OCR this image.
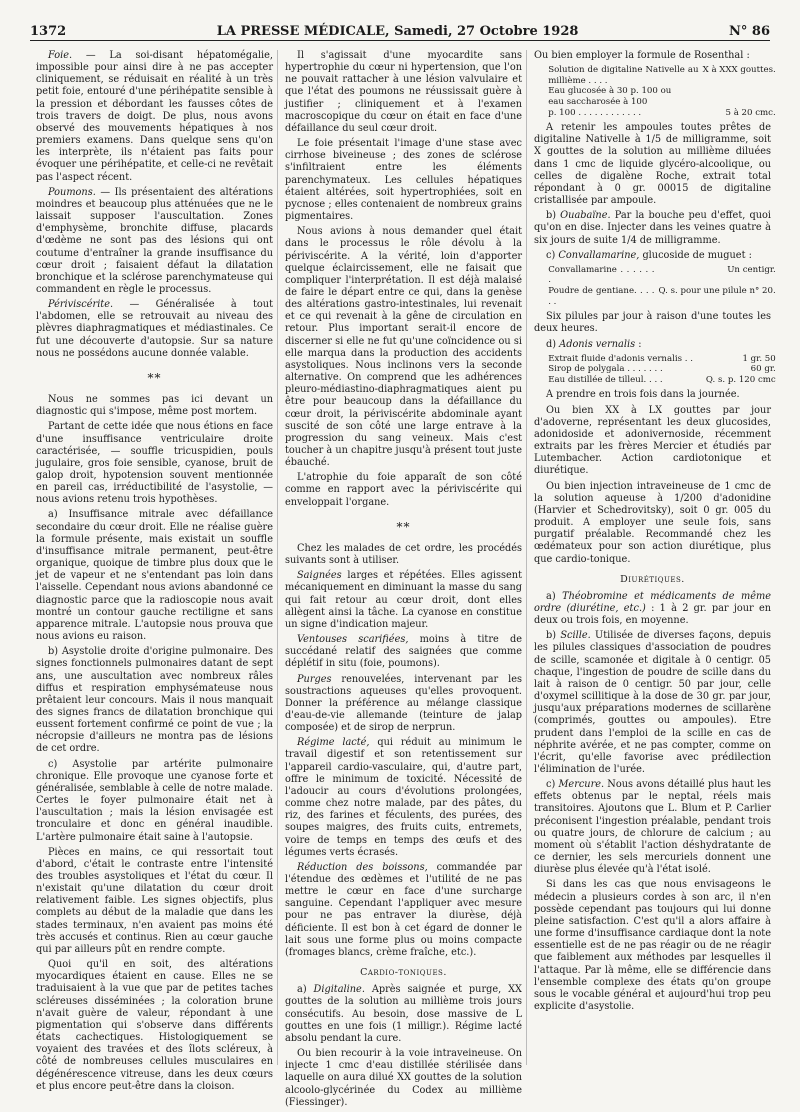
1372	LA PRESSE MÉDICALE, Samedi, 27 Octobre 1928	N° 86

Foie. — La soi-disant hépatomégalie, impossible pour ainsi dire à ne pas accepter cliniquement, se réduisait en réalité à un très petit foie, entouré d'une périhépatite sensible à la pression et débordant les fausses côtes de trois travers de doigt. De plus, nous avons observé des mouvements hépatiques à nos premiers examens. Dans quelque sens qu'on les interprète, ils n'étaient pas faits pour évoquer une périhépatite, et celle-ci ne revêtait pas l'aspect récent.

Poumons. — Ils présentaient des altérations moindres et beaucoup plus atténuées que ne le laissait supposer l'auscultation. Zones d'emphysème, bronchite diffuse, placards d'œdème ne sont pas des lésions qui ont coutume d'entraîner la grande insuffisance du cœur droit ; faisaient défaut la dilatation bronchique et la sclérose parenchymateuse qui commandent en règle le processus.

Périviscérite. — Généralisée à tout l'abdomen, elle se retrouvait au niveau des plèvres diaphragmatiques et médiastinales. Ce fut une découverte d'autopsie. Sur sa nature nous ne possédons aucune donnée valable.

**

Nous ne sommes pas ici devant un diagnostic qui s'impose, même post mortem.

Partant de cette idée que nous étions en face d'une insuffisance ventriculaire droite caractérisée, — souffle tricuspidien, pouls jugulaire, gros foie sensible, cyanose, bruit de galop droit, hypotension souvent mentionnée en pareil cas, irréductibilité de l'asystolie, — nous avions retenu trois hypothèses.

a) Insuffisance mitrale avec défaillance secondaire du cœur droit. Elle ne réalise guère la formule présente, mais existait un souffle d'insuffisance mitrale permanent, peut-être organique, quoique de timbre plus doux que le jet de vapeur et ne s'entendant pas loin dans l'aisselle. Cependant nous avions abandonné ce diagnostic parce que la radioscopie nous avait montré un contour gauche rectiligne et sans apparence mitrale. L'autopsie nous prouva que nous avions eu raison.

b) Asystolie droite d'origine pulmonaire. Des signes fonctionnels pulmonaires datant de sept ans, une auscultation avec nombreux râles diffus et respiration emphysémateuse nous prêtaient leur concours. Mais il nous manquait des signes francs de dilatation bronchique qui eussent fortement confirmé ce point de vue ; la nécropsie d'ailleurs ne montra pas de lésions de cet ordre.

c) Asystolie par artérite pulmonaire chronique. Elle provoque une cyanose forte et généralisée, semblable à celle de notre malade. Certes le foyer pulmonaire était net à l'auscultation ; mais la lésion envisagée est tronculaire et donc en général inaudible. L'artère pulmonaire était saine à l'autopsie.

Pièces en mains, ce qui ressortait tout d'abord, c'était le contraste entre l'intensité des troubles asystoliques et l'état du cœur. Il n'existait qu'une dilatation du cœur droit relativement faible. Les signes objectifs, plus complets au début de la maladie que dans les stades terminaux, n'en avaient pas moins été très accusés et continus. Rien au cœur gauche qui par ailleurs pût en rendre compte.

Quoi qu'il en soit, des altérations myocardiques étaient en cause. Elles ne se traduisaient à la vue que par de petites taches scléreuses disséminées ; la coloration brune n'avait guère de valeur, répondant à une pigmentation qui s'observe dans différents états cachectiques. Histologiquement se voyaient des travées et des îlots scléreux, à côté de nombreuses cellules musculaires en dégénérescence vitreuse, dans les deux cœurs et plus encore peut-être dans la cloison.

Il s'agissait d'une myocardite sans hypertrophie du cœur ni hypertension, que l'on ne pouvait rattacher à une lésion valvulaire et que l'état des poumons ne réussissait guère à justifier ; cliniquement et à l'examen macroscopique du cœur on était en face d'une défaillance du seul cœur droit.

Le foie présentait l'image d'une stase avec cirrhose biveineuse ; des zones de sclérose s'infiltraient entre les éléments parenchymateux. Les cellules hépatiques étaient altérées, soit hypertrophiées, soit en pycnose ; elles contenaient de nombreux grains pigmentaires.

Nous avions à nous demander quel était dans le processus le rôle dévolu à la périviscérite. A la vérité, loin d'apporter quelque éclaircissement, elle ne faisait que compliquer l'interprétation. Il est déjà malaisé de faire le départ entre ce qui, dans la genèse des altérations gastro-intestinales, lui revenait et ce qui revenait à la gêne de circulation en retour. Plus important serait-il encore de discerner si elle ne fut qu'une coïncidence ou si elle marqua dans la production des accidents asystoliques. Nous inclinons vers la seconde alternative. On comprend que les adhérences pleuro-médiastino-diaphragmatiques aient pu être pour beaucoup dans la défaillance du cœur droit, la périviscérite abdominale ayant suscité de son côté une large entrave à la progression du sang veineux. Mais c'est toucher à un chapitre jusqu'à présent tout juste ébauché.

L'atrophie du foie apparaît de son côté comme en rapport avec la périviscérite qui enveloppait l'organe.

**

Chez les malades de cet ordre, les procédés suivants sont à utiliser.

Saignées larges et répétées. Elles agissent mécaniquement en diminuant la masse du sang qui fait retour au cœur droit, dont elles allègent ainsi la tâche. La cyanose en constitue un signe d'indication majeur.

Ventouses scarifiées, moins à titre de succédané relatif des saignées que comme déplétif in situ (foie, poumons).

Purges renouvelées, intervenant par les soustractions aqueuses qu'elles provoquent. Donner la préférence au mélange classique d'eau-de-vie allemande (teinture de jalap composée) et de sirop de nerprun.

Régime lacté, qui réduit au minimum le travail digestif et son retentissement sur l'appareil cardio-vasculaire, qui, d'autre part, offre le minimum de toxicité. Nécessité de l'adoucir au cours d'évolutions prolongées, comme chez notre malade, par des pâtes, du riz, des farines et féculents, des purées, des soupes maigres, des fruits cuits, entremets, voire de temps en temps des œufs et des légumes verts écrasés.

Réduction des boissons, commandée par l'étendue des œdèmes et l'utilité de ne pas mettre le cœur en face d'une surcharge sanguine. Cependant l'appliquer avec mesure pour ne pas entraver la diurèse, déjà déficiente. Il est bon à cet égard de donner le lait sous une forme plus ou moins compacte (fromages blancs, crème fraîche, etc.).

Cardio-toniques.

a) Digitaline. Après saignée et purge, XX gouttes de la solution au millième trois jours consécutifs. Au besoin, dose massive de L gouttes en une fois (1 milligr.). Régime lacté absolu pendant la cure.

Ou bien recourir à la voie intraveineuse. On injecte 1 cmc d'eau distillée stérilisée dans laquelle on aura dilué XX gouttes de la solution alcoolo-glycérinée du Codex au millième (Fiessinger).

Ou bien employer la formule de Rosenthal :

Solution de digitaline Nativelle au millième . . . .	X à XXX gouttes.
Eau glucosée à 30 p. 100 ou	
eau saccharosée à 100	
p. 100 . . . . . . . . . . . .	5 à 20 cmc.

A retenir les ampoules toutes prêtes de digitaline Nativelle à 1/5 de milligramme, soit X gouttes de la solution au millième diluées dans 1 cmc de liquide glycéro-alcoolique, ou celles de digalène Roche, extrait total répondant à 0 gr. 00015 de digitaline cristallisée par ampoule.

b) Ouabaïne. Par la bouche peu d'effet, quoi qu'on en dise. Injecter dans les veines quatre à six jours de suite 1/4 de milligramme.

c) Convallamarine, glucoside de muguet :

Convallamarine . . . . . . .	Un centigr.
Poudre de gentiane. . . . . .	Q. s. pour une pilule n° 20.

Six pilules par jour à raison d'une toutes les deux heures.

d) Adonis vernalis :

Extrait fluide d'adonis vernalis . .	1 gr. 50
Sirop de polygala . . . . . . .	60 gr.
Eau distillée de tilleul. . . .	Q. s. p. 120 cmc

A prendre en trois fois dans la journée.

Ou bien XX à LX gouttes par jour d'adoverne, représentant les deux glucosides, adonidoside et adonivernoside, récemment extraits par les frères Mercier et étudiés par Lutembacher. Action cardiotonique et diurétique.

Ou bien injection intraveineuse de 1 cmc de la solution aqueuse à 1/200 d'adonidine (Harvier et Schedrovitsky), soit 0 gr. 005 du produit. A employer une seule fois, sans purgatif préalable. Recommandé chez les œdémateux pour son action diurétique, plus que cardio-tonique.

Diurétiques.

a) Théobromine et médicaments de même ordre (diurétine, etc.) : 1 à 2 gr. par jour en deux ou trois fois, en moyenne.

b) Scille. Utilisée de diverses façons, depuis les pilules classiques d'association de poudres de scille, scamonée et digitale à 0 centigr. 05 chaque, l'ingestion de poudre de scille dans du lait à raison de 0 centigr. 50 par jour, celle d'oxymel scillitique à la dose de 30 gr. par jour, jusqu'aux préparations modernes de scillarène (comprimés, gouttes ou ampoules). Etre prudent dans l'emploi de la scille en cas de néphrite avérée, et ne pas compter, comme on l'écrit, qu'elle favorise avec prédilection l'élimination de l'urée.

c) Mercure. Nous avons détaillé plus haut les effets obtenus par le neptal, réels mais transitoires. Ajoutons que L. Blum et P. Carlier préconisent l'ingestion préalable, pendant trois ou quatre jours, de chlorure de calcium ; au moment où s'établit l'action déshydratante de ce dernier, les sels mercuriels donnent une diurèse plus élevée qu'à l'état isolé.

Si dans les cas que nous envisageons le médecin a plusieurs cordes à son arc, il n'en possède cependant pas toujours qui lui donne pleine satisfaction. C'est qu'il a alors affaire à une forme d'insuffisance cardiaque dont la note essentielle est de ne pas réagir ou de ne réagir que faiblement aux méthodes par lesquelles il l'attaque. Par là même, elle se différencie dans l'ensemble complexe des états qu'on groupe sous le vocable général et aujourd'hui trop peu explicite d'asystolie.
